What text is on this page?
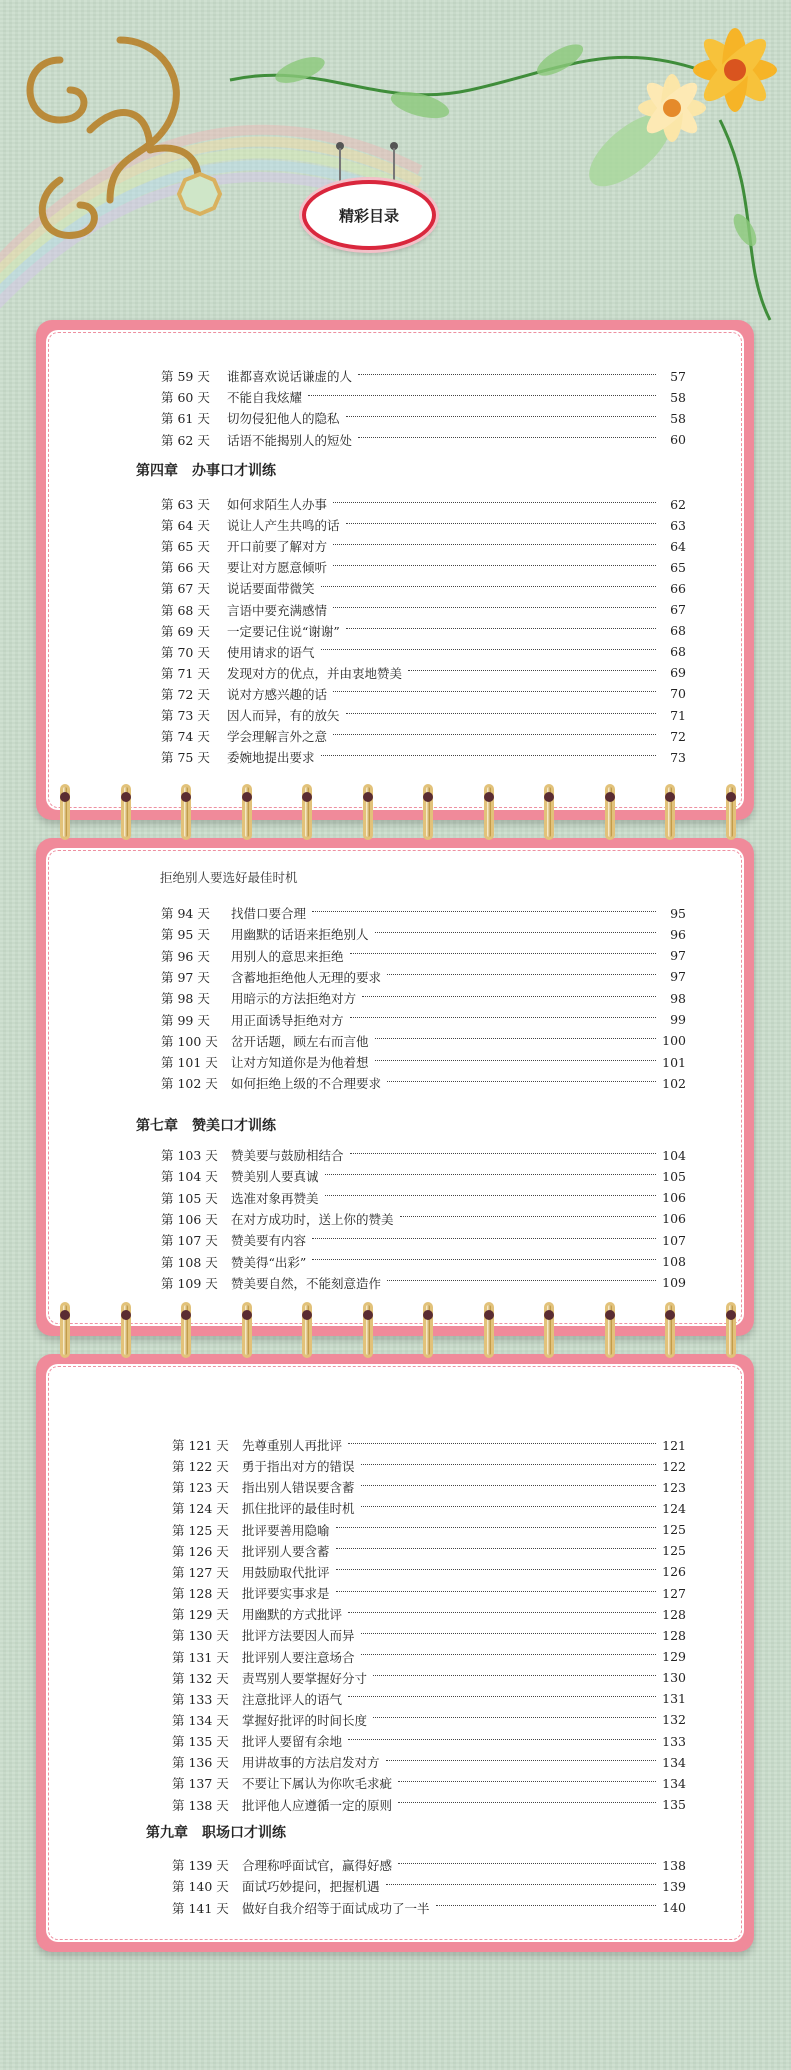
精彩目录
第 59 天	谁都喜欢说话谦虚的人	57
第 60 天	不能自我炫耀	58
第 61 天	切勿侵犯他人的隐私	58
第 62 天	话语不能揭别人的短处	60
第四章　办事口才训练
第 63 天	如何求陌生人办事	62
第 64 天	说让人产生共鸣的话	63
第 65 天	开口前要了解对方	64
第 66 天	要让对方愿意倾听	65
第 67 天	说话要面带微笑	66
第 68 天	言语中要充满感情	67
第 69 天	一定要记住说“谢谢”	68
第 70 天	使用请求的语气	68
第 71 天	发现对方的优点，并由衷地赞美	69
第 72 天	说对方感兴趣的话	70
第 73 天	因人而异，有的放矢	71
第 74 天	学会理解言外之意	72
第 75 天	委婉地提出要求	73
拒绝别人要选好最佳时机
第 94 天	找借口要合理	95
第 95 天	用幽默的话语来拒绝别人	96
第 96 天	用别人的意思来拒绝	97
第 97 天	含蓄地拒绝他人无理的要求	97
第 98 天	用暗示的方法拒绝对方	98
第 99 天	用正面诱导拒绝对方	99
第 100 天	岔开话题，顾左右而言他	100
第 101 天	让对方知道你是为他着想	101
第 102 天	如何拒绝上级的不合理要求	102
第七章　赞美口才训练
第 103 天	赞美要与鼓励相结合	104
第 104 天	赞美别人要真诚	105
第 105 天	选准对象再赞美	106
第 106 天	在对方成功时，送上你的赞美	106
第 107 天	赞美要有内容	107
第 108 天	赞美得“出彩”	108
第 109 天	赞美要自然，不能刻意造作	109
第 121 天	先尊重别人再批评	121
第 122 天	勇于指出对方的错误	122
第 123 天	指出别人错误要含蓄	123
第 124 天	抓住批评的最佳时机	124
第 125 天	批评要善用隐喻	125
第 126 天	批评别人要含蓄	125
第 127 天	用鼓励取代批评	126
第 128 天	批评要实事求是	127
第 129 天	用幽默的方式批评	128
第 130 天	批评方法要因人而异	128
第 131 天	批评别人要注意场合	129
第 132 天	责骂别人要掌握好分寸	130
第 133 天	注意批评人的语气	131
第 134 天	掌握好批评的时间长度	132
第 135 天	批评人要留有余地	133
第 136 天	用讲故事的方法启发对方	134
第 137 天	不要让下属认为你吹毛求疵	134
第 138 天	批评他人应遵循一定的原则	135
第九章　职场口才训练
第 139 天	合理称呼面试官，赢得好感	138
第 140 天	面试巧妙提问，把握机遇	139
第 141 天	做好自我介绍等于面试成功了一半	140
